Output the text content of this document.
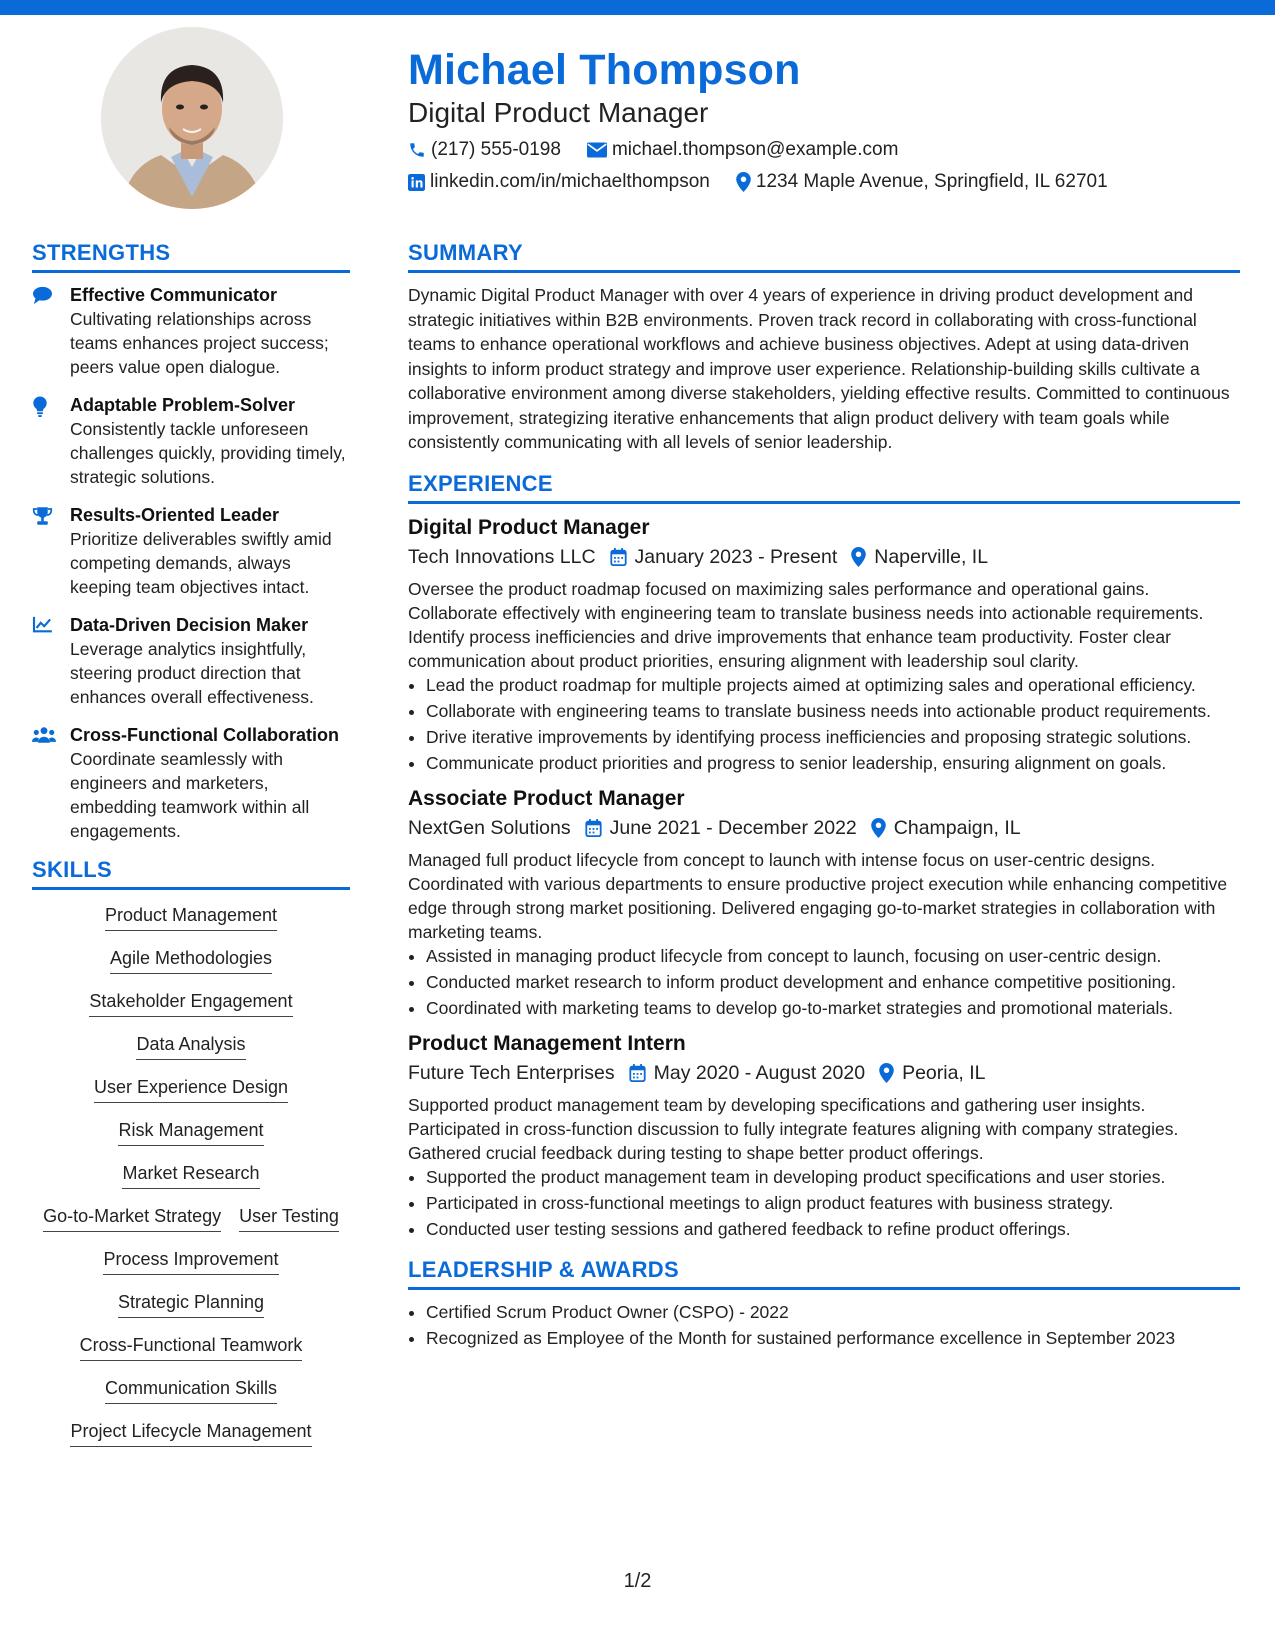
Michael Thompson
Digital Product Manager
(217) 555-0198	michael.thompson@example.com
linkedin.com/in/michaelthompson 1234 Maple Avenue, Springfield, IL 62701
STRENGTHS
Effective Communicator
Cultivating relationships across teams enhances project success; peers value open dialogue.
Adaptable Problem-Solver
Consistently tackle unforeseen challenges quickly, providing timely, strategic solutions.
Results-Oriented Leader
Prioritize deliverables swiftly amid competing demands, always keeping team objectives intact.
Data-Driven Decision Maker
Leverage analytics insightfully, steering product direction that enhances overall effectiveness.
Cross-Functional Collaboration
Coordinate seamlessly with engineers and marketers, embedding teamwork within all engagements.
SKILLS
Product Management
Agile Methodologies
Stakeholder Engagement
Data Analysis
User Experience Design
Risk Management
Market Research
Go-to-Market Strategy User Testing
Process Improvement
Strategic Planning
Cross-Functional Teamwork
Communication Skills
Project Lifecycle Management
SUMMARY
Dynamic Digital Product Manager with over 4 years of experience in driving product development and strategic initiatives within B2B environments. Proven track record in collaborating with cross-functional teams to enhance operational workflows and achieve business objectives. Adept at using data-driven insights to inform product strategy and improve user experience. Relationship-building skills cultivate a collaborative environment among diverse stakeholders, yielding effective results. Committed to continuous improvement, strategizing iterative enhancements that align product delivery with team goals while consistently communicating with all levels of senior leadership.
EXPERIENCE
Digital Product Manager
Tech Innovations LLC January 2023 - Present Naperville, IL
Oversee the product roadmap focused on maximizing sales performance and operational gains. Collaborate effectively with engineering team to translate business needs into actionable requirements. Identify process inefficiencies and drive improvements that enhance team productivity. Foster clear communication about product priorities, ensuring alignment with leadership soul clarity.
• Lead the product roadmap for multiple projects aimed at optimizing sales and operational efficiency.
• Collaborate with engineering teams to translate business needs into actionable product requirements.
• Drive iterative improvements by identifying process inefficiencies and proposing strategic solutions.
• Communicate product priorities and progress to senior leadership, ensuring alignment on goals.
Associate Product Manager
NextGen Solutions June 2021 - December 2022 Champaign, IL
Managed full product lifecycle from concept to launch with intense focus on user-centric designs. Coordinated with various departments to ensure productive project execution while enhancing competitive edge through strong market positioning. Delivered engaging go-to-market strategies in collaboration with marketing teams.
• Assisted in managing product lifecycle from concept to launch, focusing on user-centric design.
• Conducted market research to inform product development and enhance competitive positioning.
• Coordinated with marketing teams to develop go-to-market strategies and promotional materials.
Product Management Intern
Future Tech Enterprises May 2020 - August 2020 Peoria, IL
Supported product management team by developing specifications and gathering user insights. Participated in cross-function discussion to fully integrate features aligning with company strategies. Gathered crucial feedback during testing to shape better product offerings.
• Supported the product management team in developing product specifications and user stories.
• Participated in cross-functional meetings to align product features with business strategy.
• Conducted user testing sessions and gathered feedback to refine product offerings.
LEADERSHIP & AWARDS
• Certified Scrum Product Owner (CSPO) - 2022
• Recognized as Employee of the Month for sustained performance excellence in September 2023
1/2
